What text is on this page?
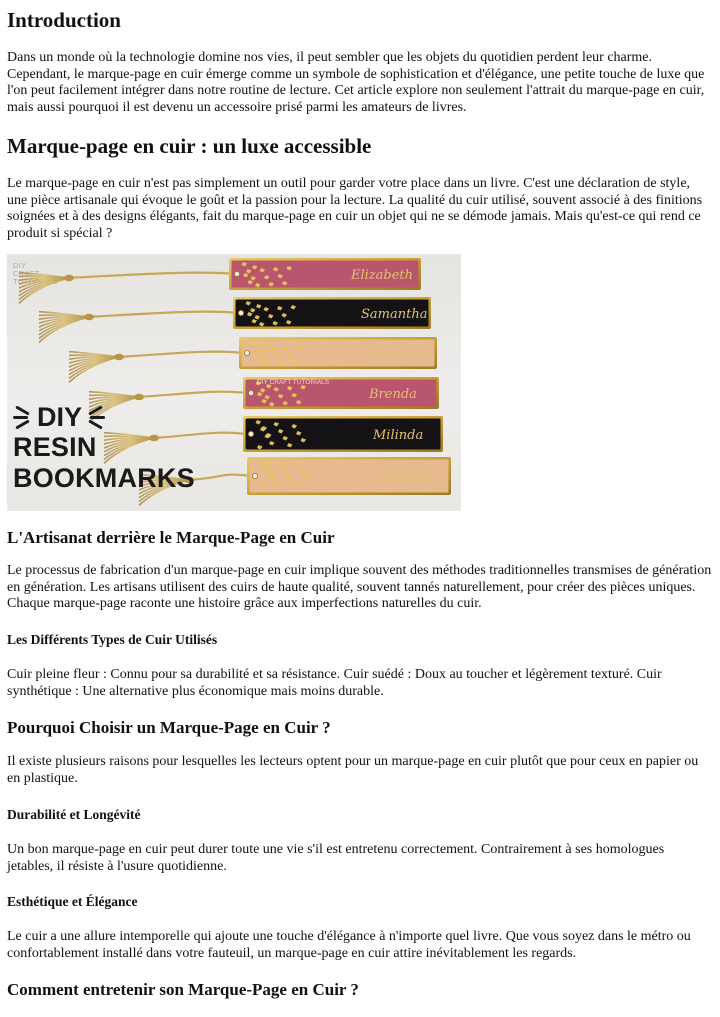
Introduction

Dans un monde où la technologie domine nos vies, il peut sembler que les objets du quotidien perdent leur charme. Cependant, le marque-page en cuir émerge comme un symbole de sophistication et d'élégance, une petite touche de luxe que l'on peut facilement intégrer dans notre routine de lecture. Cet article explore non seulement l'attrait du marque-page en cuir, mais aussi pourquoi il est devenu un accessoire prisé parmi les amateurs de livres.

Marque-page en cuir : un luxe accessible

Le marque-page en cuir n'est pas simplement un outil pour garder votre place dans un livre. C'est une déclaration de style, une pièce artisanale qui évoque le goût et la passion pour la lecture. La qualité du cuir utilisé, souvent associé à des finitions soignées et à des designs élégants, fait du marque-page en cuir un objet qui ne se démode jamais. Mais qu'est-ce qui rend ce produit si spécial ?

DIY
CRAFT
TUTORIALS	Elizabeth
Samantha
Lorraine
Brenda
Milinda
Ashley
DIY CRAFT TUTORIALS
DIY
RESIN
BOOKMARKS
L'Artisanat derrière le Marque-Page en Cuir

Le processus de fabrication d'un marque-page en cuir implique souvent des méthodes traditionnelles transmises de génération en génération. Les artisans utilisent des cuirs de haute qualité, souvent tannés naturellement, pour créer des pièces uniques. Chaque marque-page raconte une histoire grâce aux imperfections naturelles du cuir.

Les Différents Types de Cuir Utilisés

Cuir pleine fleur : Connu pour sa durabilité et sa résistance. Cuir suédé : Doux au toucher et légèrement texturé. Cuir synthétique : Une alternative plus économique mais moins durable.

Pourquoi Choisir un Marque-Page en Cuir ?

Il existe plusieurs raisons pour lesquelles les lecteurs optent pour un marque-page en cuir plutôt que pour ceux en papier ou en plastique.

Durabilité et Longévité

Un bon marque-page en cuir peut durer toute une vie s'il est entretenu correctement. Contrairement à ses homologues jetables, il résiste à l'usure quotidienne.

Esthétique et Élégance

Le cuir a une allure intemporelle qui ajoute une touche d'élégance à n'importe quel livre. Que vous soyez dans le métro ou confortablement installé dans votre fauteuil, un marque-page en cuir attire inévitablement les regards.

Comment entretenir son Marque-Page en Cuir ?
